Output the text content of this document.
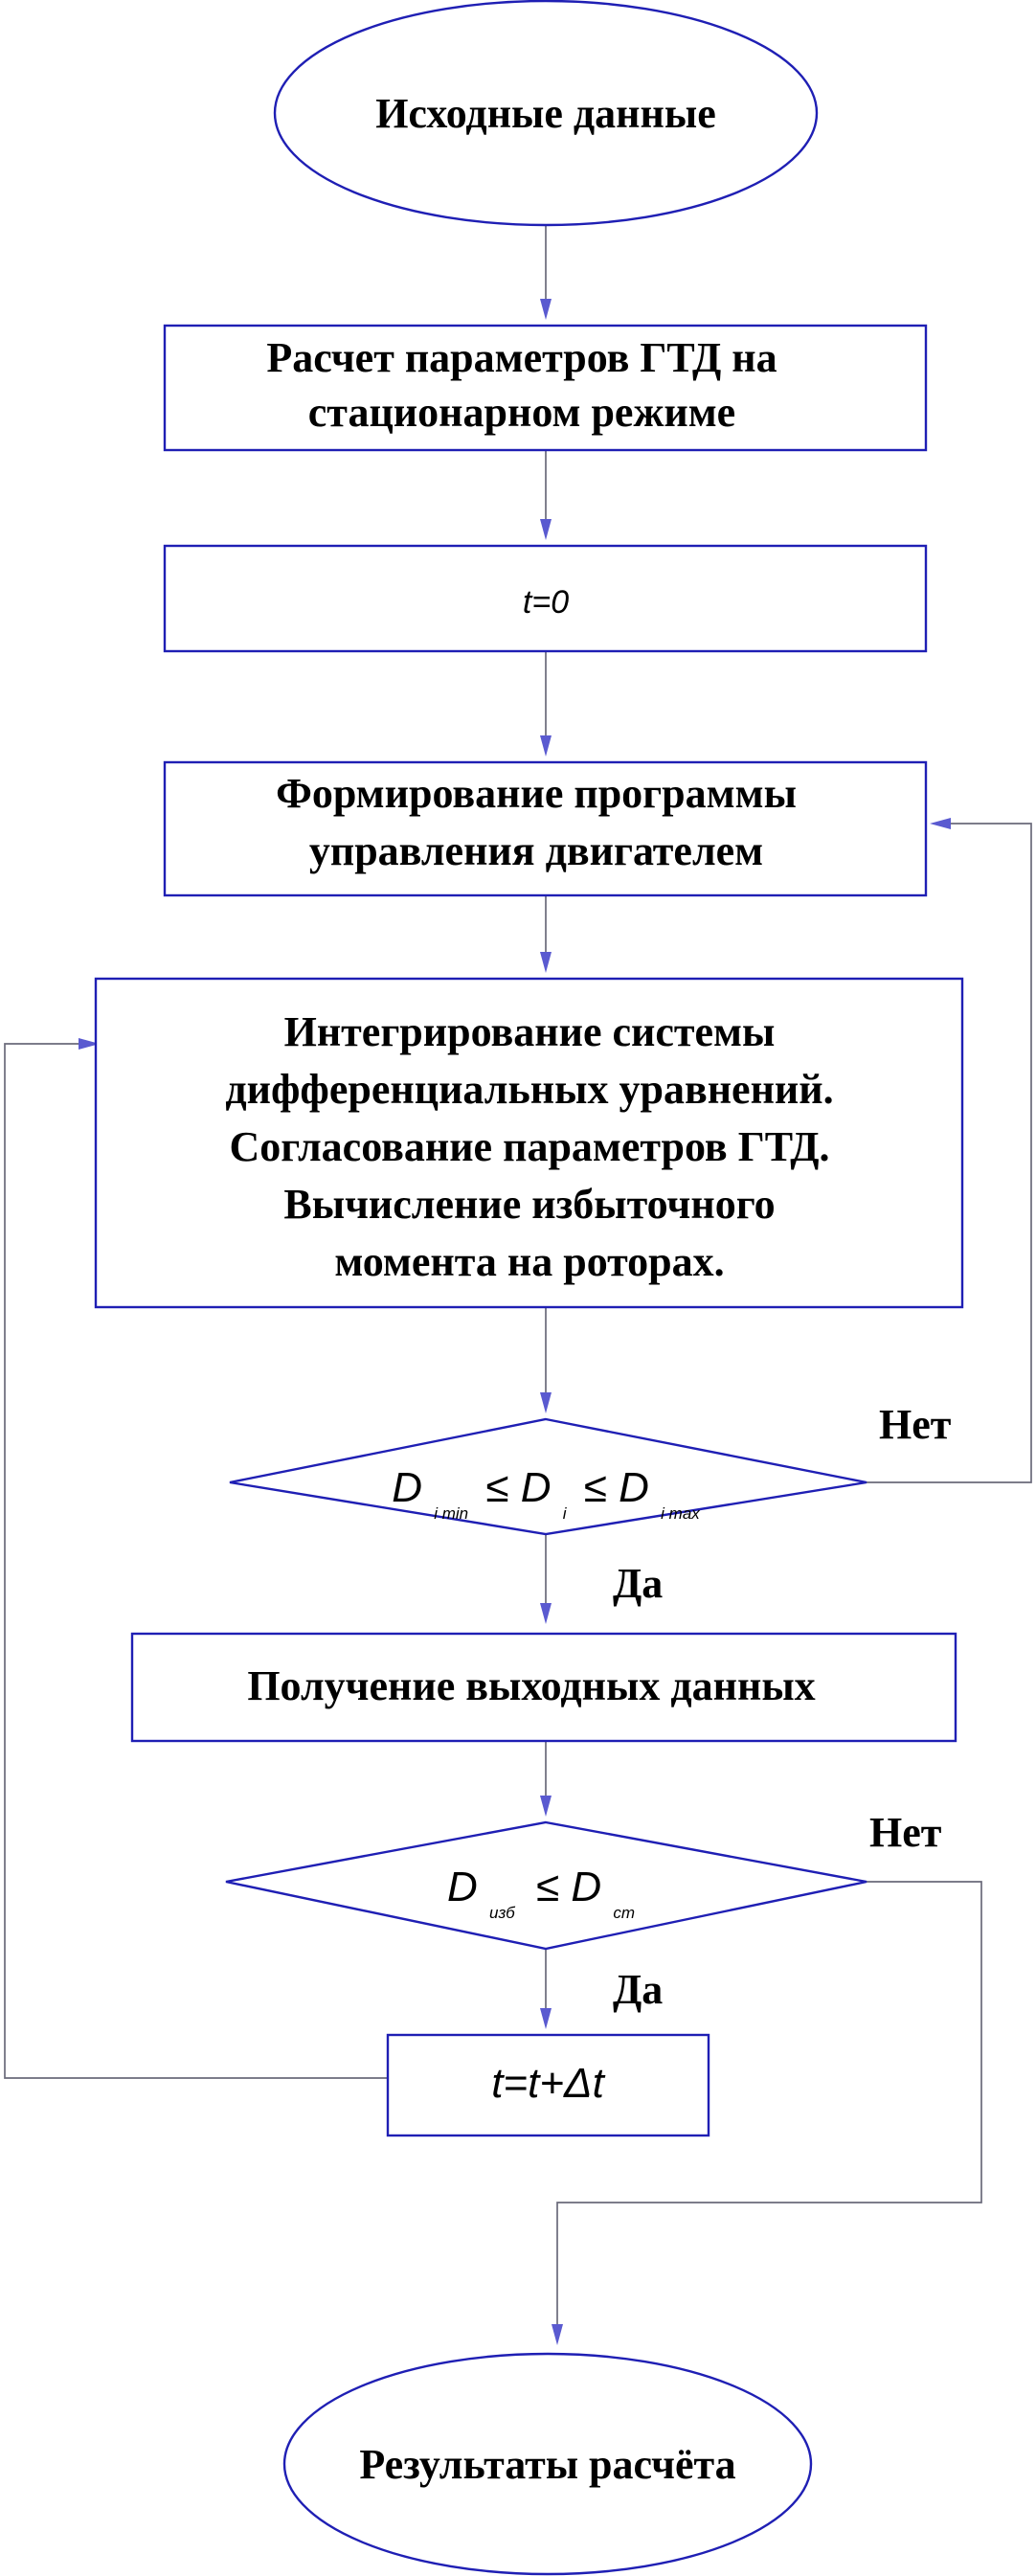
Исходные данные
Расчет параметров ГТД на
стационарном режиме
t=0
Формирование программы
управления двигателем
Интегрирование системы
дифференциальных уравнений.
Согласование параметров ГТД.
Вычисление избыточного
момента на роторах.
D $_{i min}$ ≤ D $_i$ ≤ D $_{i max}$
Получение выходных данных
D $_{изб}$ ≤ D $_{ст}$
t=t+Δt
Результаты расчёта
Нет
Да
Нет
Да
